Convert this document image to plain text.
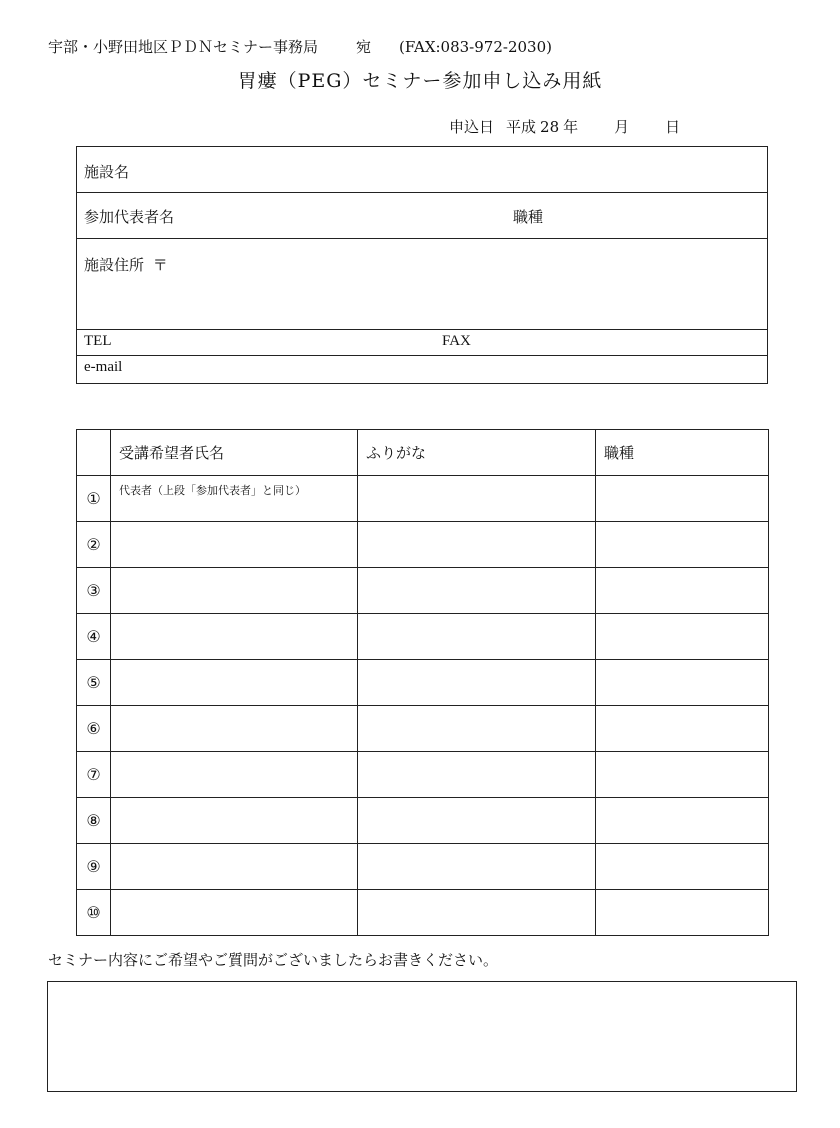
宇部・小野田地区ＰＤＮセミナー事務局	宛 (FAX:083-972-2030)
胃瘻（PEG）セミナー参加申し込み用紙
申込日 平成 28 年 月 日
施設名
参加代表者名	職種
施設住所 〒
TEL	FAX
e-mail
	受講希望者氏名	ふりがな	職種
①	代表者（上段「参加代表者」と同じ）		

②			
③			
④			
⑤			
⑥			
⑦			
⑧			
⑨			
⑩			
セミナー内容にご希望やご質問がございましたらお書きください。
